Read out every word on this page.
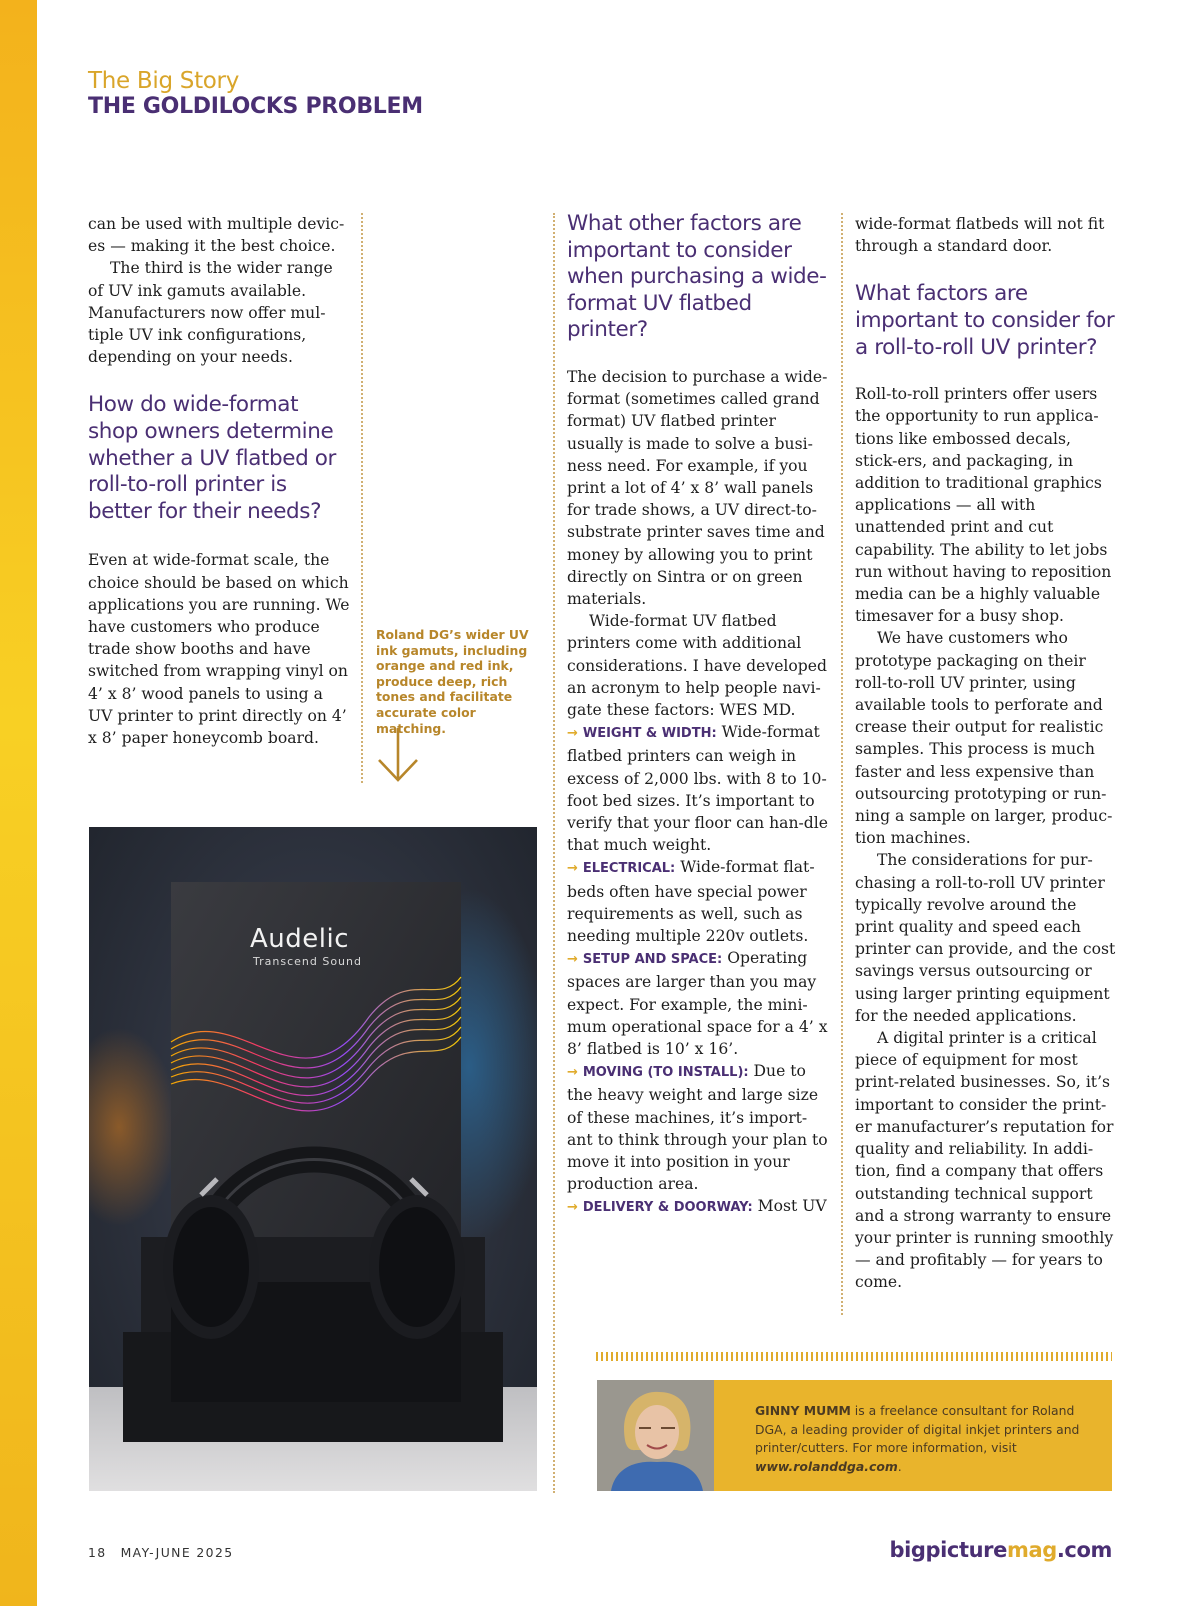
The Big Story
THE GOLDILOCKS PROBLEM

can be used with multiple devic-es — making it the best choice.

The third is the wider range of UV ink gamuts available. Manufacturers now offer mul-tiple UV ink configurations, depending on your needs.

How do wide-format shop owners determine whether a UV flatbed or roll-to-roll printer is better for their needs?

Even at wide-format scale, the choice should be based on which applications you are running. We have customers who produce trade show booths and have switched from wrapping vinyl on 4’ x 8’ wood panels to using a UV printer to print directly on 4’ x 8’ paper honeycomb board.

Roland DG’s wider UV ink gamuts, including orange and red ink, produce deep, rich tones and facilitate accurate color matching.
Audelic
Transcend Sound
What other factors are important to consider when purchasing a wide-format UV flatbed printer?

The decision to purchase a wide-format (sometimes called grand format) UV flatbed printer usually is made to solve a busi-ness need. For example, if you print a lot of 4’ x 8’ wall panels for trade shows, a UV direct-to-substrate printer saves time and money by allowing you to print directly on Sintra or on green materials.

Wide-format UV flatbed printers come with additional considerations. I have developed an acronym to help people navi-gate these factors: WES MD.

→ WEIGHT & WIDTH: Wide-format flatbed printers can weigh in excess of 2,000 lbs. with 8 to 10-foot bed sizes. It’s important to verify that your floor can han-dle that much weight.

→ ELECTRICAL: Wide-format flat-beds often have special power requirements as well, such as needing multiple 220v outlets.

→ SETUP AND SPACE: Operating spaces are larger than you may expect. For example, the mini-mum operational space for a 4’ x 8’ flatbed is 10’ x 16’.

→ MOVING (TO INSTALL): Due to the heavy weight and large size of these machines, it’s import-ant to think through your plan to move it into position in your production area.

→ DELIVERY & DOORWAY: Most UV

wide-format flatbeds will not fit through a standard door.

What factors are important to consider for a roll-to-roll UV printer?

Roll-to-roll printers offer users the opportunity to run applica-tions like embossed decals, stick-ers, and packaging, in addition to traditional graphics applications — all with unattended print and cut capability. The ability to let jobs run without having to reposition media can be a highly valuable timesaver for a busy shop.

We have customers who prototype packaging on their roll-to-roll UV printer, using available tools to perforate and crease their output for realistic samples. This process is much faster and less expensive than outsourcing prototyping or run-ning a sample on larger, produc-tion machines.

The considerations for pur-chasing a roll-to-roll UV printer typically revolve around the print quality and speed each printer can provide, and the cost savings versus outsourcing or using larger printing equipment for the needed applications.

A digital printer is a critical piece of equipment for most print-related businesses. So, it’s important to consider the print-er manufacturer’s reputation for quality and reliability. In addi-tion, find a company that offers outstanding technical support and a strong warranty to ensure your printer is running smoothly — and profitably — for years to come.

GINNY MUMM is a freelance consultant for Roland DGA, a leading provider of digital inkjet printers and printer/cutters. For more information, visit www.rolanddga.com.
18 MAY-JUNE 2025	bigpicturemag.com
